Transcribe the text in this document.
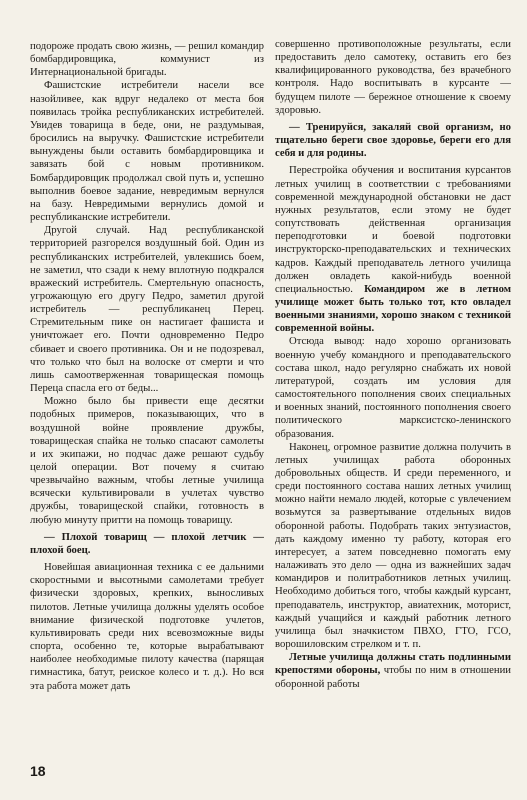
подороже продать свою жизнь, — решил командир бомбардировщика, коммунист из Интернациональной бригады.

Фашистские истребители насели все назойливее, как вдруг недалеко от места боя появилась тройка республиканских истребителей. Увидев товарища в беде, они, не раздумывая, бросились на выручку. Фашистские истребители вынуждены были оставить бомбардировщика и завязать бой с новым противником. Бомбардировщик продолжал свой путь и, успешно выполнив боевое задание, невредимым вернулся на базу. Невредимыми вернулись домой и республиканские истребители.

Другой случай. Над республиканской территорией разгорелся воздушный бой. Один из республиканских истребителей, увлекшись боем, не заметил, что сзади к нему вплотную подкрался вражеский истребитель. Смертельную опасность, угрожающую его другу Педро, заметил другой истребитель — республиканец Перец. Стремительным пике он настигает фашиста и уничтожает его. Почти одновременно Педро сбивает и своего противника. Он и не подозревал, что только что был на волоске от смерти и что лишь самоотверженная товарищеская помощь Переца спасла его от беды...

Можно было бы привести еще десятки подобных примеров, показывающих, что в воздушной войне проявление дружбы, товарищеская спайка не только спасают самолеты и их экипажи, но подчас даже решают судьбу целой операции. Вот почему я считаю чрезвычайно важным, чтобы летные училища всячески культивировали в учлетах чувство дружбы, товарищеской спайки, готовность в любую минуту притти на помощь товарищу.

— Плохой товарищ — плохой летчик — плохой боец.

Новейшая авиационная техника с ее дальними скоростными и высотными самолетами требует физически здоровых, крепких, выносливых пилотов. Летные училища должны уделять особое внимание физической подготовке учлетов, культивировать среди них всевозможные виды спорта, особенно те, которые вырабатывают наиболее необходимые пилоту качества (парящая гимнастика, батут, реиское колесо и т. д.). Но вся эта работа может дать

совершенно противоположные результаты, если предоставить дело самотеку, оставить его без квалифицированного руководства, без врачебного контроля. Надо воспитывать в курсанте — будущем пилоте — бережное отношение к своему здоровью.

— Тренируйся, закаляй свой организм, но тщательно береги свое здоровье, береги его для себя и для родины.

Перестройка обучения и воспитания курсантов летных училищ в соответствии с требованиями современной международной обстановки не даст нужных результатов, если этому не будет сопутствовать действенная организация переподготовки и боевой подготовки инструкторско-преподавательских и технических кадров. Каждый преподаватель летного училища должен овладеть какой-нибудь военной специальностью. Командиром же в летном училище может быть только тот, кто овладел военными знаниями, хорошо знаком с техникой современной войны.

Отсюда вывод: надо хорошо организовать военную учебу командного и преподавательского состава школ, надо регулярно снабжать их новой литературой, создать им условия для самостоятельного пополнения своих специальных и военных знаний, постоянного пополнения своего политического марксистско-ленинского образования.

Наконец, огромное развитие должна получить в летных училищах работа оборонных добровольных обществ. И среди переменного, и среди постоянного состава наших летных училищ можно найти немало людей, которые с увлечением возьмутся за развертывание отдельных видов оборонной работы. Подобрать таких энтузиастов, дать каждому именно ту работу, которая его интересует, а затем повседневно помогать ему налаживать это дело — одна из важнейших задач командиров и политработников летных училищ. Необходимо добиться того, чтобы каждый курсант, преподаватель, инструктор, авиатехник, моторист, каждый учащийся и каждый работник летного училища был значкистом ПВХО, ГТО, ГСО, ворошиловским стрелком и т. п.

Летные училища должны стать подлинными крепостями обороны, чтобы по ним в отношении оборонной работы

18
